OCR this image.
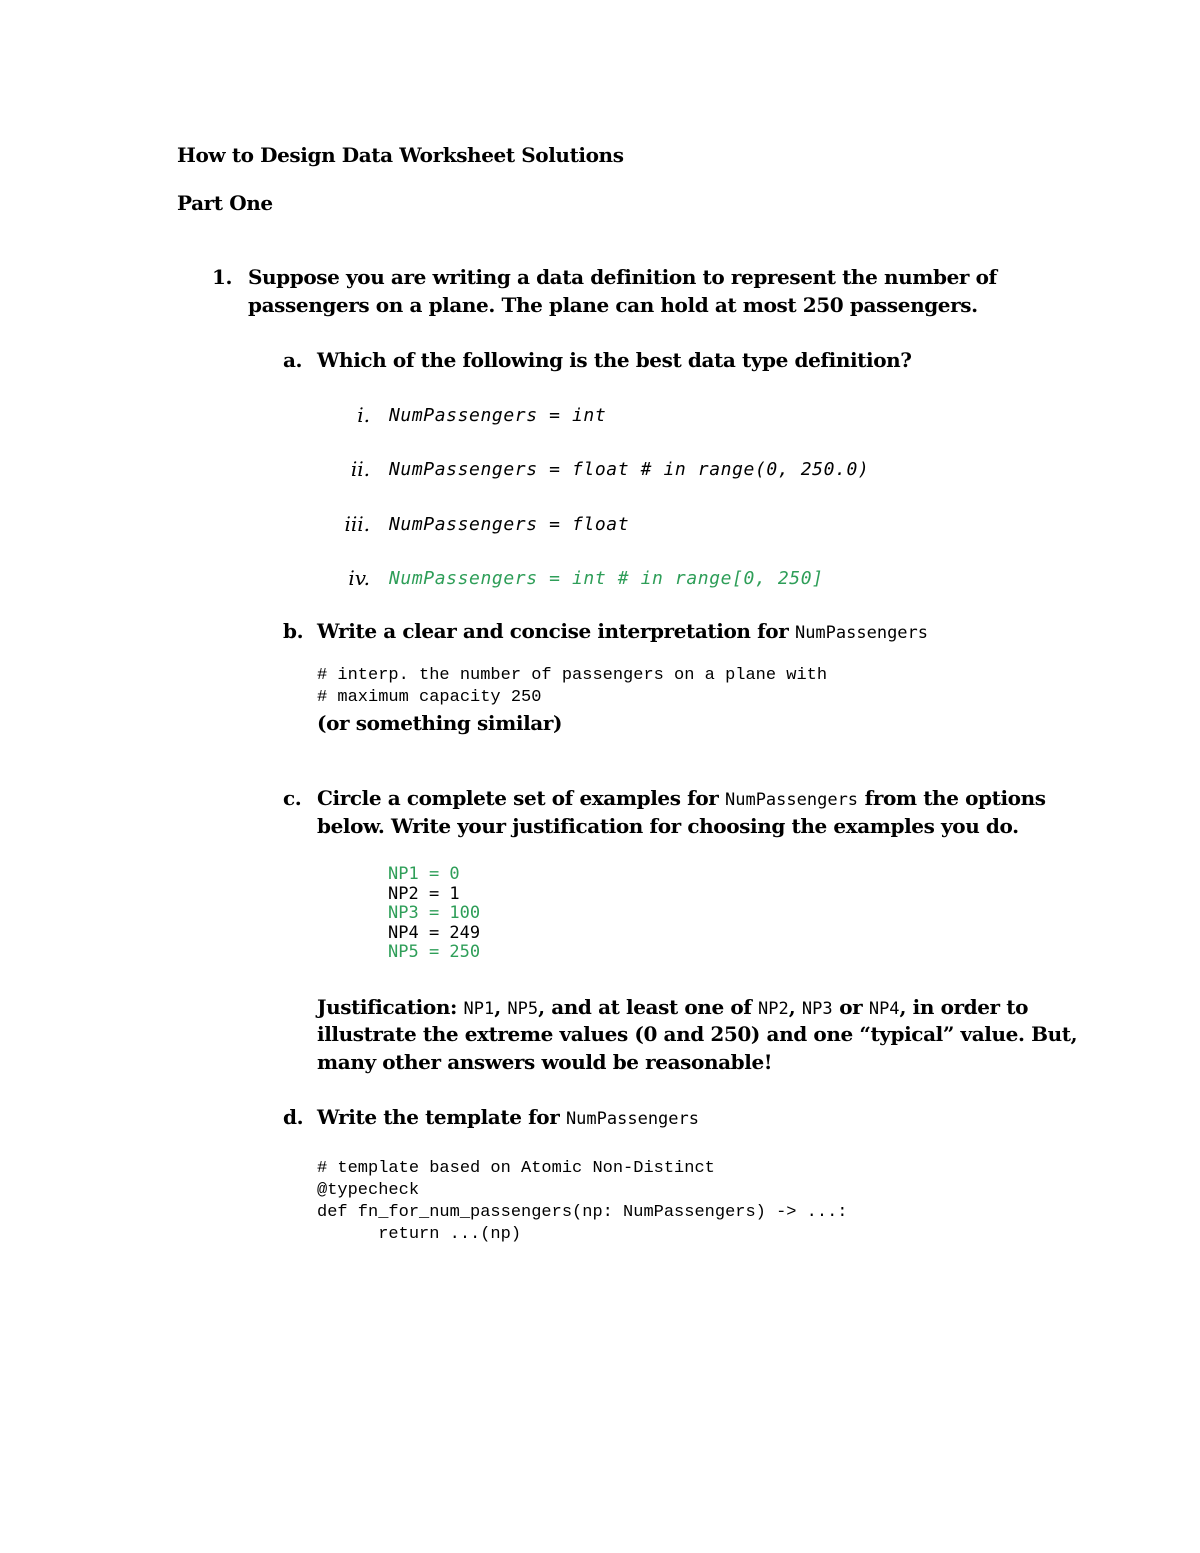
How to Design Data Worksheet Solutions
Part One
1. Suppose you are writing a data definition to represent the number of
passengers on a plane. The plane can hold at most 250 passengers.
a. Which of the following is the best data type definition?
i. NumPassengers = int
ii. NumPassengers = float # in range(0, 250.0)
iii. NumPassengers = float
iv. NumPassengers = int # in range[0, 250]
b. Write a clear and concise interpretation for NumPassengers
# interp. the number of passengers on a plane with
# maximum capacity 250
(or something similar)
c. Circle a complete set of examples for NumPassengers from the options
below. Write your justification for choosing the examples you do.
NP1 = 0
NP2 = 1
NP3 = 100
NP4 = 249
NP5 = 250
Justification: NP1, NP5, and at least one of NP2, NP3 or NP4, in order to
illustrate the extreme values (0 and 250) and one “typical” value. But,
many other answers would be reasonable!
d. Write the template for NumPassengers
# template based on Atomic Non-Distinct
@typecheck
def fn_for_num_passengers(np: NumPassengers) -> ...:
return ...(np)
